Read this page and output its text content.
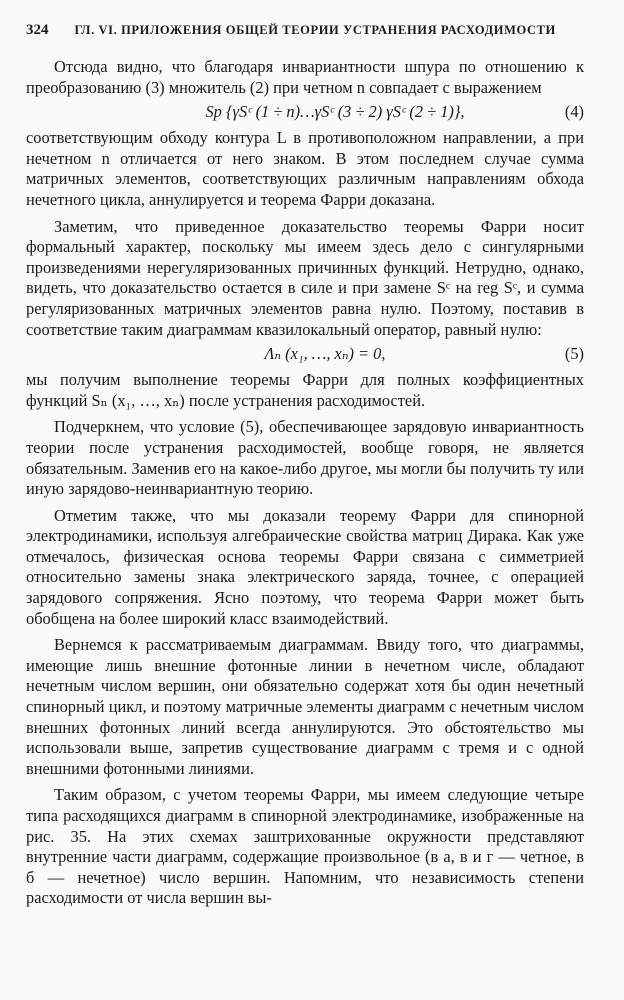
324 ГЛ. VI. ПРИЛОЖЕНИЯ ОБЩЕЙ ТЕОРИИ УСТРАНЕНИЯ РАСХОДИМОСТИ

Отсюда видно, что благодаря инвариантности шпура по отношению к преобразованию (3) множитель (2) при четном n совпадает с выражением

Sp {γSᶜ (1 ÷ n)…γSᶜ (3 ÷ 2) γSᶜ (2 ÷ 1)},	(4)

соответствующим обходу контура L в противоположном направлении, а при нечетном n отличается от него знаком. В этом последнем случае сумма матричных элементов, соответствующих различным направлениям обхода нечетного цикла, аннулируется и теорема Фарри доказана.

Заметим, что приведенное доказательство теоремы Фарри носит формальный характер, поскольку мы имеем здесь дело с сингулярными произведениями нерегуляризованных причинных функций. Нетрудно, однако, видеть, что доказательство остается в силе и при замене Sᶜ на reg Sᶜ, и сумма регуляризованных матричных элементов равна нулю. Поэтому, поставив в соответствие таким диаграммам квазилокальный оператор, равный нулю:

Λₙ (x₁, …, xₙ) = 0,	(5)

мы получим выполнение теоремы Фарри для полных коэффициентных функций Sₙ (x₁, …, xₙ) после устранения расходимостей.

Подчеркнем, что условие (5), обеспечивающее зарядовую инвариантность теории после устранения расходимостей, вообще говоря, не является обязательным. Заменив его на какое-либо другое, мы могли бы получить ту или иную зарядово-неинвариантную теорию.

Отметим также, что мы доказали теорему Фарри для спинорной электродинамики, используя алгебраические свойства матриц Дирака. Как уже отмечалось, физическая основа теоремы Фарри связана с симметрией относительно замены знака электрического заряда, точнее, с операцией зарядового сопряжения. Ясно поэтому, что теорема Фарри может быть обобщена на более широкий класс взаимодействий.

Вернемся к рассматриваемым диаграммам. Ввиду того, что диаграммы, имеющие лишь внешние фотонные линии в нечетном числе, обладают нечетным числом вершин, они обязательно содержат хотя бы один нечетный спинорный цикл, и поэтому матричные элементы диаграмм с нечетным числом внешних фотонных линий всегда аннулируются. Это обстоятельство мы использовали выше, запретив существование диаграмм с тремя и с одной внешними фотонными линиями.

Таким образом, с учетом теоремы Фарри, мы имеем следующие четыре типа расходящихся диаграмм в спинорной электродинамике, изображенные на рис. 35. На этих схемах заштрихованные окружности представляют внутренние части диаграмм, содержащие произвольное (в а, в и г — четное, в б — нечетное) число вершин. Напомним, что независимость степени расходимости от числа вершин вы-
